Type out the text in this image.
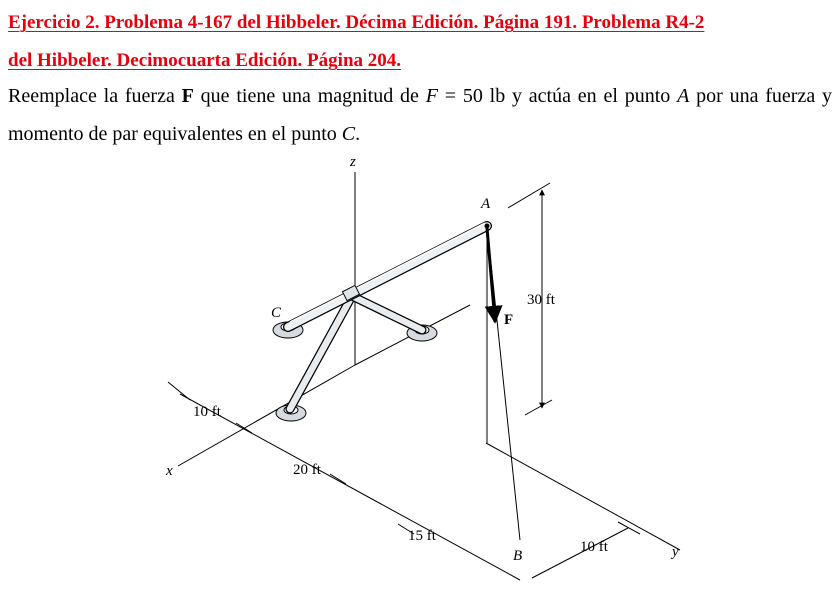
Ejercicio 2. Problema 4-167 del Hibbeler. Décima Edición. Página 191. Problema R4-2
del Hibbeler. Decimocuarta Edición. Página 204.
Reemplace la fuerza F que tiene una magnitud de F = 50 lb y actúa en el punto A por una fuerza y momento de par equivalentes en el punto C.
30 ft
10 ft
20 ft
15 ft
10 ft
z
A
C	F
x
B	y
